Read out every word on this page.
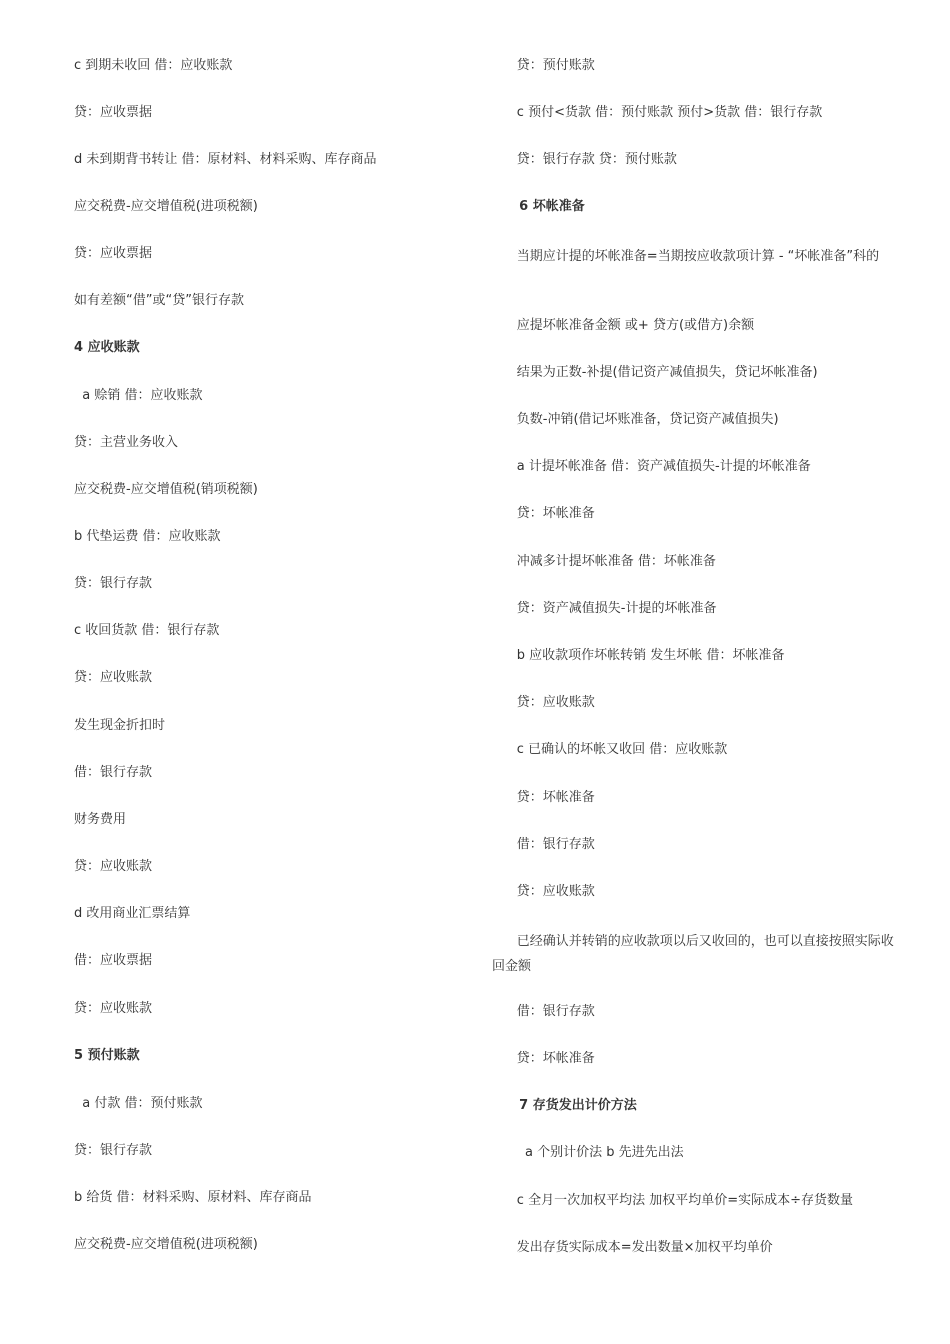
c 到期未收回 借：应收账款
贷：应收票据
d 未到期背书转让 借：原材料、材料采购、库存商品
应交税费-应交增值税(进项税额)
贷：应收票据
如有差额“借”或“贷”银行存款
4 应收账款
a 赊销 借：应收账款
贷：主营业务收入
应交税费-应交增值税(销项税额)
b 代垫运费 借：应收账款
贷：银行存款
c 收回货款 借：银行存款
贷：应收账款
发生现金折扣时
借：银行存款
财务费用
贷：应收账款
d 改用商业汇票结算
借：应收票据
贷：应收账款
5 预付账款
a 付款 借：预付账款
贷：银行存款
b 给货 借：材料采购、原材料、库存商品
应交税费-应交增值税(进项税额)
贷：预付账款
c 预付<货款 借：预付账款 预付>货款 借：银行存款
贷：银行存款 贷：预付账款
6 坏帐准备
当期应计提的坏帐准备=当期按应收款项计算 - “坏帐准备”科的
应提坏帐准备金额 或+ 贷方(或借方)余额
结果为正数-补提(借记资产减值损失，贷记坏帐准备)
负数-冲销(借记坏账准备，贷记资产减值损失)
a 计提坏帐准备 借：资产减值损失-计提的坏帐准备
贷：坏帐准备
冲减多计提坏帐准备 借：坏帐准备
贷：资产减值损失-计提的坏帐准备
b 应收款项作坏帐转销 发生坏帐 借：坏帐准备
贷：应收账款
c 已确认的坏帐又收回 借：应收账款
贷：坏帐准备
借：银行存款
贷：应收账款
已经确认并转销的应收款项以后又收回的，也可以直接按照实际收回金额
借：银行存款
贷：坏帐准备
7 存货发出计价方法
a 个别计价法 b 先进先出法
c 全月一次加权平均法 加权平均单价=实际成本÷存货数量
发出存货实际成本=发出数量×加权平均单价
